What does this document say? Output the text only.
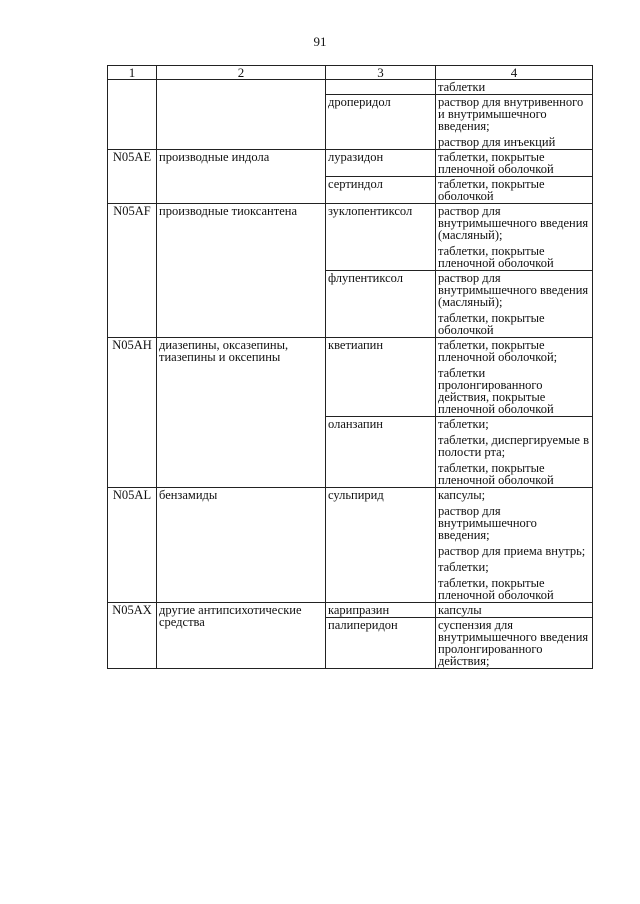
91
1	2	3	4

			таблетки

		дроперидол	раствор для внутривенного и внутримышечного введения;
раствор для инъекций

N05AE	производные индола	луразидон	таблетки, покрытые пленочной оболочкой

		сертиндол	таблетки, покрытые оболочкой

N05AF	производные тиоксантена	зуклопентиксол	раствор для внутримышечного введения (масляный);
таблетки, покрытые пленочной оболочкой

		флупентиксол	раствор для внутримышечного введения (масляный);
таблетки, покрытые оболочкой

N05AH	диазепины, оксазепины, тиазепины и оксепины	кветиапин	таблетки, покрытые пленочной оболочкой;
таблетки пролонгированного действия, покрытые пленочной оболочкой

		оланзапин	таблетки;
таблетки, диспергируемые в полости рта;
таблетки, покрытые пленочной оболочкой

N05AL	бензамиды	сульпирид	капсулы;
раствор для внутримышечного введения;
раствор для приема внутрь;
таблетки;
таблетки, покрытые пленочной оболочкой

N05AX	другие антипсихотические средства	карипразин	капсулы

		палиперидон	суспензия для внутримышечного введения пролонгированного действия;
